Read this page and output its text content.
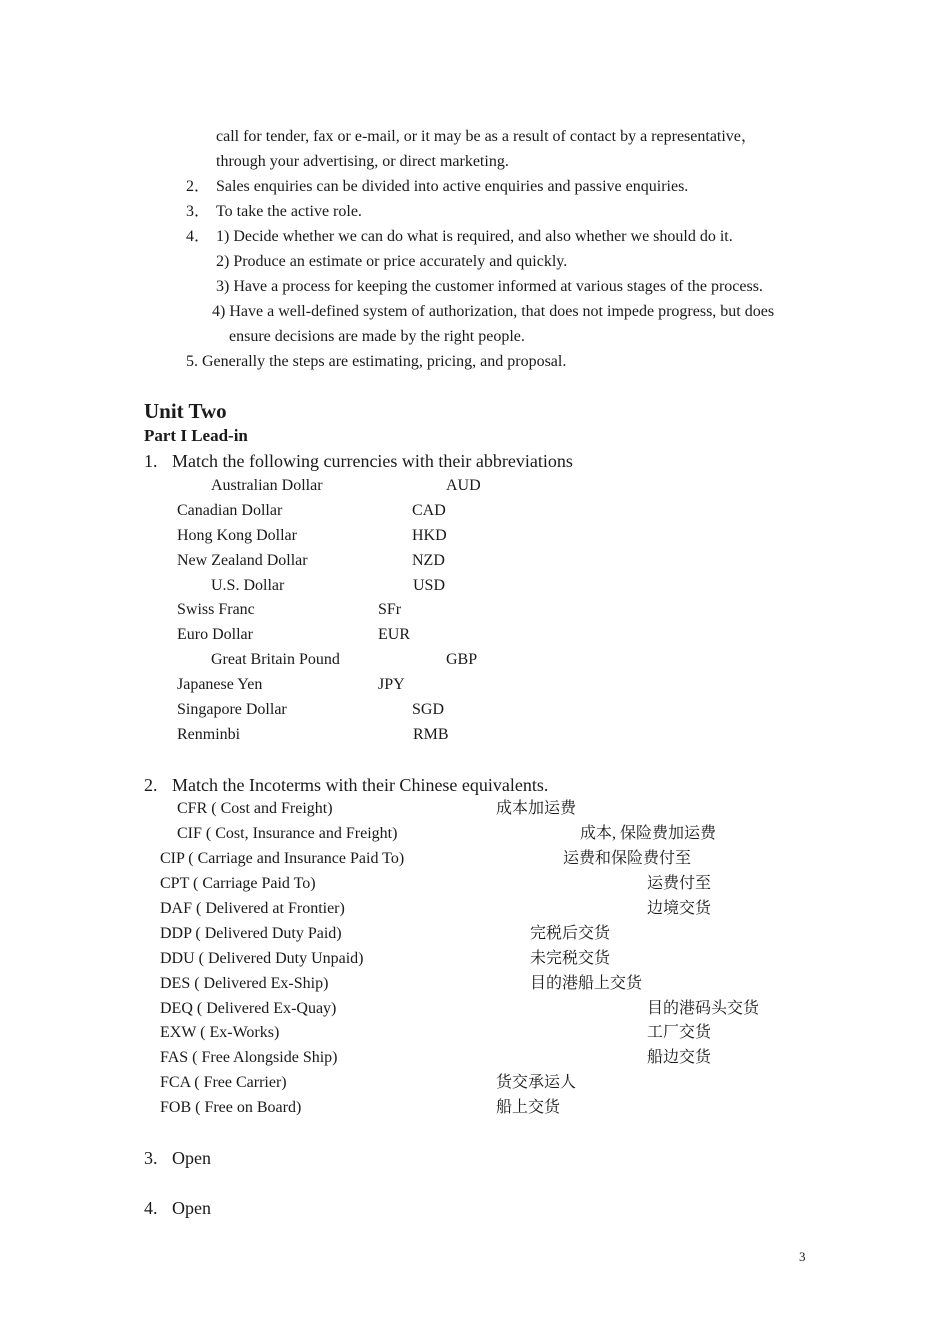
call for tender, fax or e-mail, or it may be as a result of contact by a representative，
through your advertising, or direct marketing.
2． Sales enquiries can be divided into active enquiries and passive enquiries.
3． To take the active role.
4． 1) Decide whether we can do what is required, and also whether we should do it.
2) Produce an estimate or price accurately and quickly.
3) Have a process for keeping the customer informed at various stages of the process.
4) Have a well-defined system of authorization, that does not impede progress, but does
ensure decisions are made by the right people.
5. Generally the steps are estimating, pricing, and proposal.
Unit Two
Part I Lead-in
1. Match the following currencies with their abbreviations
Australian Dollar	AUD
Canadian Dollar	CAD
Hong Kong Dollar	HKD
New Zealand Dollar	NZD
U.S. Dollar	USD
Swiss Franc	SFr
Euro Dollar	EUR
Great Britain Pound	GBP
Japanese Yen	JPY
Singapore Dollar	SGD
Renminbi	RMB
2. Match the Incoterms with their Chinese equivalents.
CFR ( Cost and Freight)	成本加运费
CIF ( Cost, Insurance and Freight)	成本, 保险费加运费
CIP ( Carriage and Insurance Paid To)	运费和保险费付至
CPT ( Carriage Paid To)	运费付至
DAF ( Delivered at Frontier)	边境交货
DDP ( Delivered Duty Paid)	完税后交货
DDU ( Delivered Duty Unpaid)	未完税交货
DES ( Delivered Ex-Ship)	目的港船上交货
DEQ ( Delivered Ex-Quay)	目的港码头交货
EXW ( Ex-Works)	工厂交货
FAS ( Free Alongside Ship)	船边交货
FCA ( Free Carrier)	货交承运人
FOB ( Free on Board)	船上交货
3. Open
4. Open
3
